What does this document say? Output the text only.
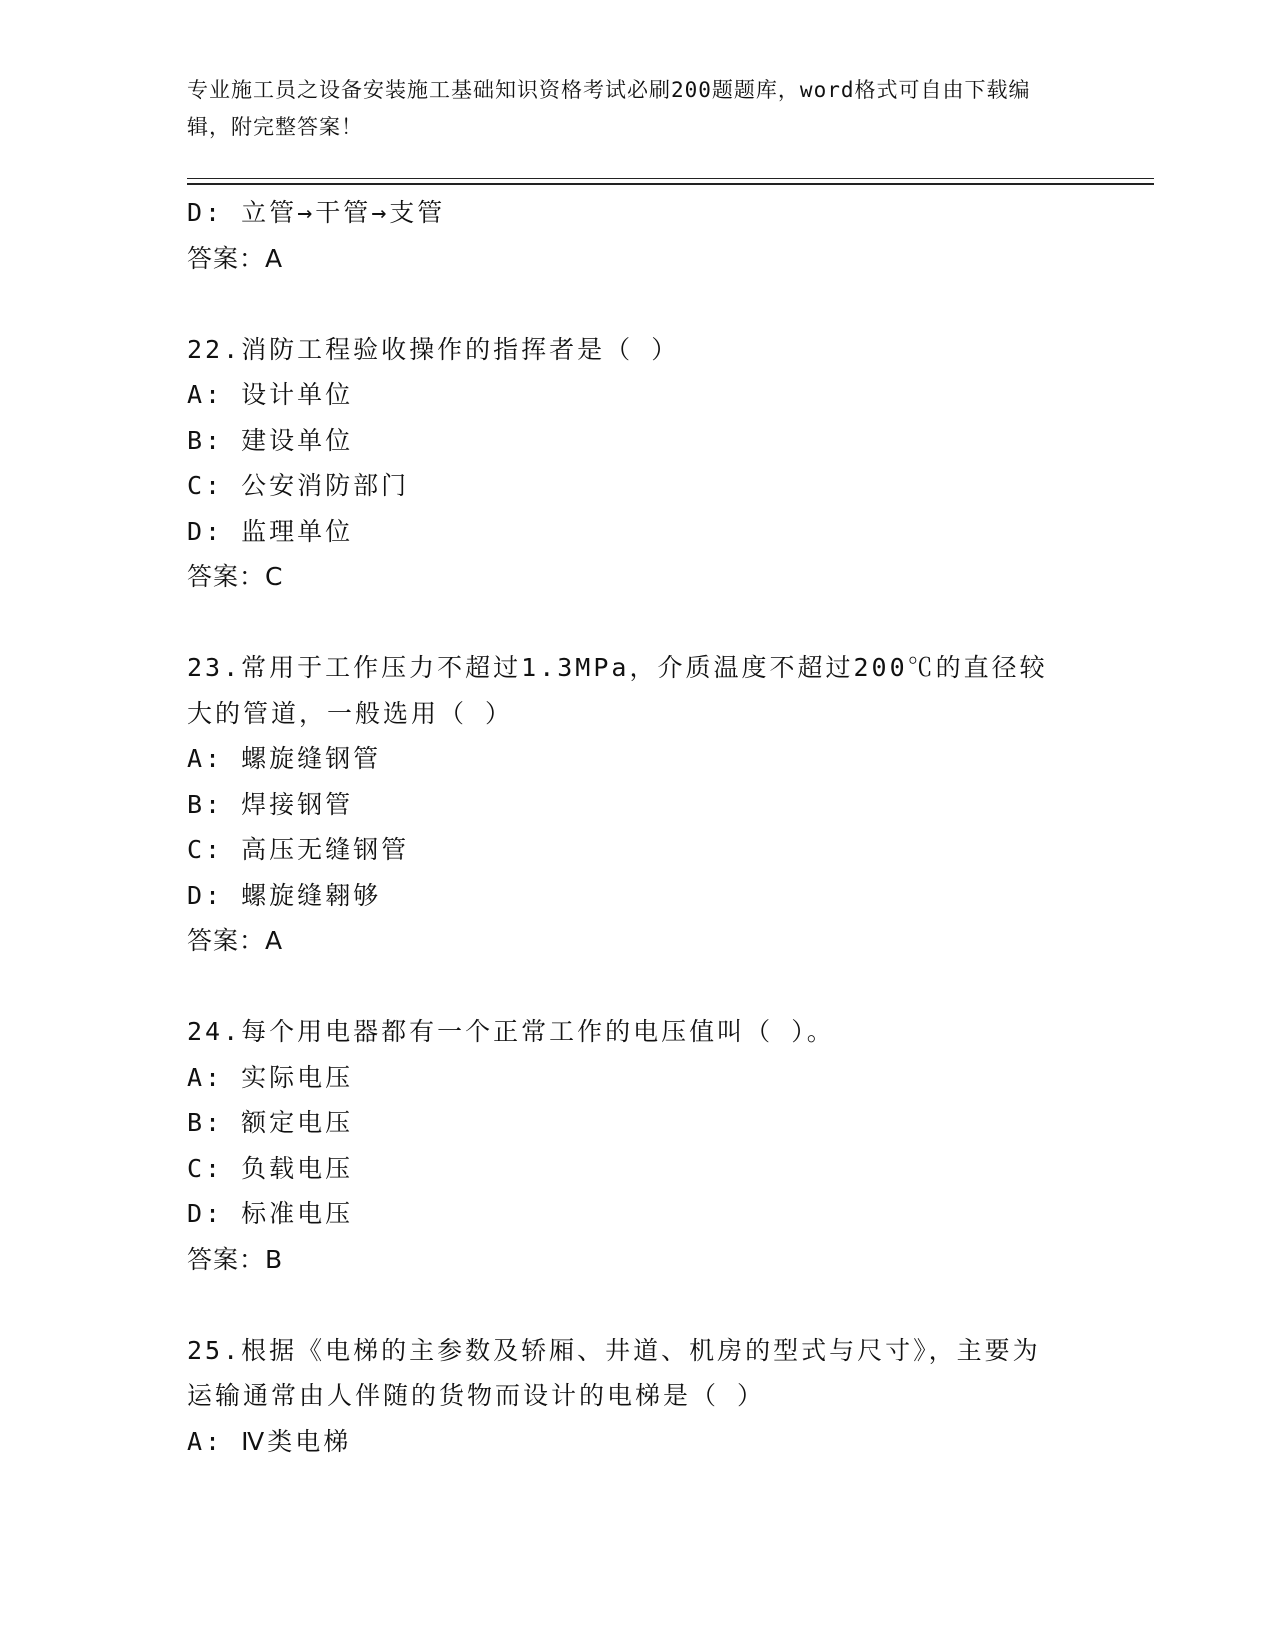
专业施工员之设备安装施工基础知识资格考试必刷200题题库，word格式可自由下载编辑，附完整答案！
D: 立管→干管→支管
答案：A
22.消防工程验收操作的指挥者是（ ）
A: 设计单位
B: 建设单位
C: 公安消防部门
D: 监理单位
答案：C
23.常用于工作压力不超过1.3MPa，介质温度不超过200℃的直径较大的管道，一般选用（ ）
A: 螺旋缝钢管
B: 焊接钢管
C: 高压无缝钢管
D: 螺旋缝翱够
答案：A
24.每个用电器都有一个正常工作的电压值叫（ ）。
A: 实际电压
B: 额定电压
C: 负载电压
D: 标准电压
答案：B
25.根据《电梯的主参数及轿厢、井道、机房的型式与尺寸》，主要为运输通常由人伴随的货物而设计的电梯是（ ）
A: Ⅳ类电梯
